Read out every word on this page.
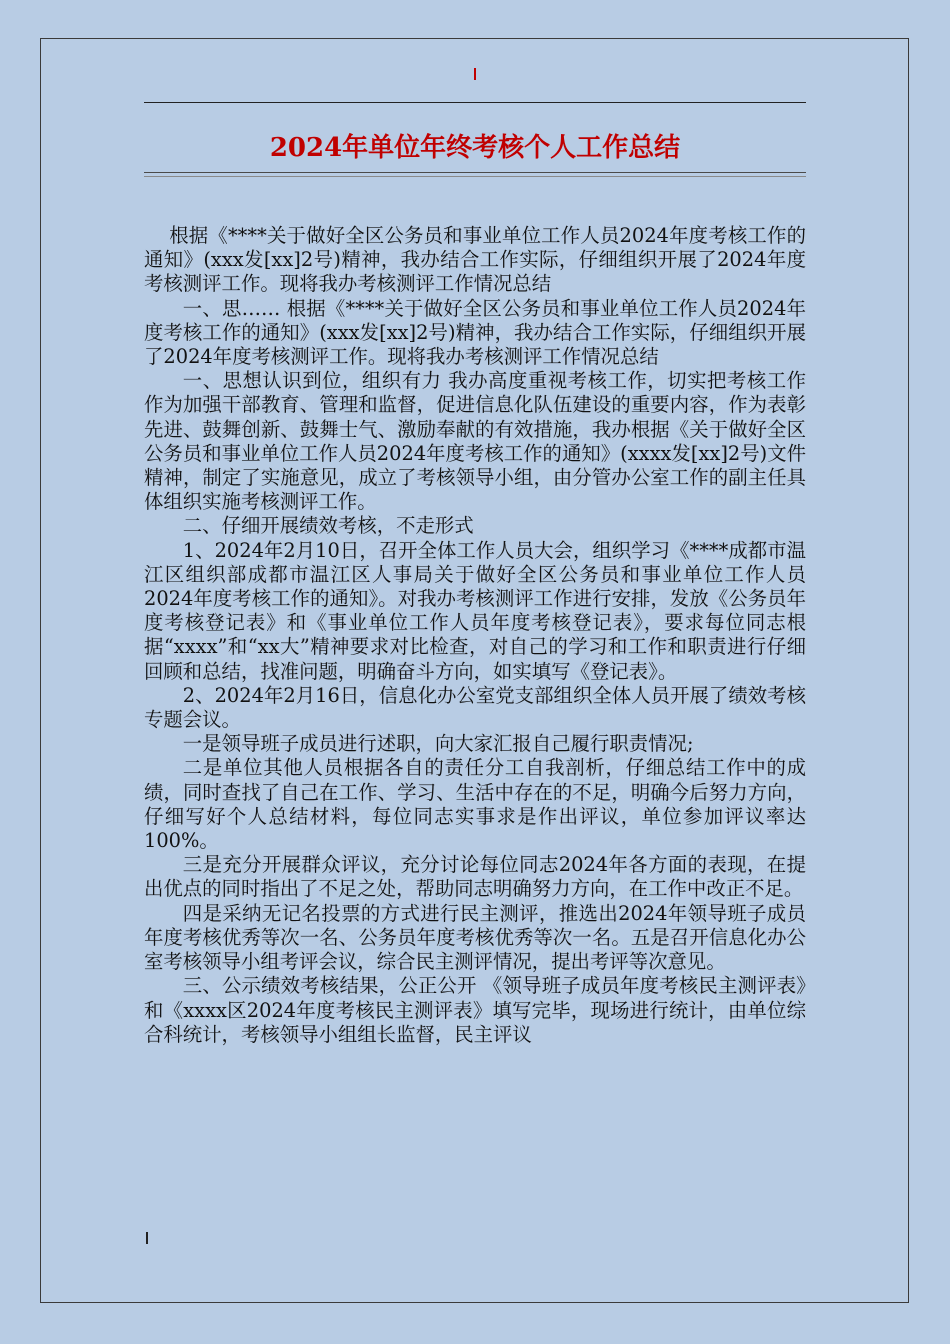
2024年单位年终考核个人工作总结

根据《****关于做好全区公务员和事业单位工作人员2024年度考核工作的通知》(xxx发[xx]2号)精神，我办结合工作实际，仔细组织开展了2024年度考核测评工作。现将我办考核测评工作情况总结

一、思…… 根据《****关于做好全区公务员和事业单位工作人员2024年度考核工作的通知》(xxx发[xx]2号)精神，我办结合工作实际，仔细组织开展了2024年度考核测评工作。现将我办考核测评工作情况总结

一、思想认识到位，组织有力 我办高度重视考核工作，切实把考核工作作为加强干部教育、管理和监督，促进信息化队伍建设的重要内容，作为表彰先进、鼓舞创新、鼓舞士气、激励奉献的有效措施，我办根据《关于做好全区公务员和事业单位工作人员2024年度考核工作的通知》(xxxx发[xx]2号)文件精神，制定了实施意见，成立了考核领导小组，由分管办公室工作的副主任具体组织实施考核测评工作。

二、仔细开展绩效考核，不走形式

1、2024年2月10日，召开全体工作人员大会，组织学习《****成都市温江区组织部成都市温江区人事局关于做好全区公务员和事业单位工作人员2024年度考核工作的通知》。对我办考核测评工作进行安排，发放《公务员年度考核登记表》和《事业单位工作人员年度考核登记表》，要求每位同志根据“xxxx”和“xx大”精神要求对比检查，对自己的学习和工作和职责进行仔细回顾和总结，找准问题，明确奋斗方向，如实填写《登记表》。

2、2024年2月16日，信息化办公室党支部组织全体人员开展了绩效考核专题会议。

一是领导班子成员进行述职，向大家汇报自己履行职责情况;

二是单位其他人员根据各自的责任分工自我剖析，仔细总结工作中的成绩，同时查找了自己在工作、学习、生活中存在的不足，明确今后努力方向，仔细写好个人总结材料，每位同志实事求是作出评议，单位参加评议率达100%。

三是充分开展群众评议，充分讨论每位同志2024年各方面的表现，在提出优点的同时指出了不足之处，帮助同志明确努力方向，在工作中改正不足。

四是采纳无记名投票的方式进行民主测评，推选出2024年领导班子成员年度考核优秀等次一名、公务员年度考核优秀等次一名。五是召开信息化办公室考核领导小组考评会议，综合民主测评情况，提出考评等次意见。

三、公示绩效考核结果，公正公开 《领导班子成员年度考核民主测评表》和《xxxx区2024年度考核民主测评表》填写完毕，现场进行统计，由单位综合科统计，考核领导小组组长监督，民主评议
